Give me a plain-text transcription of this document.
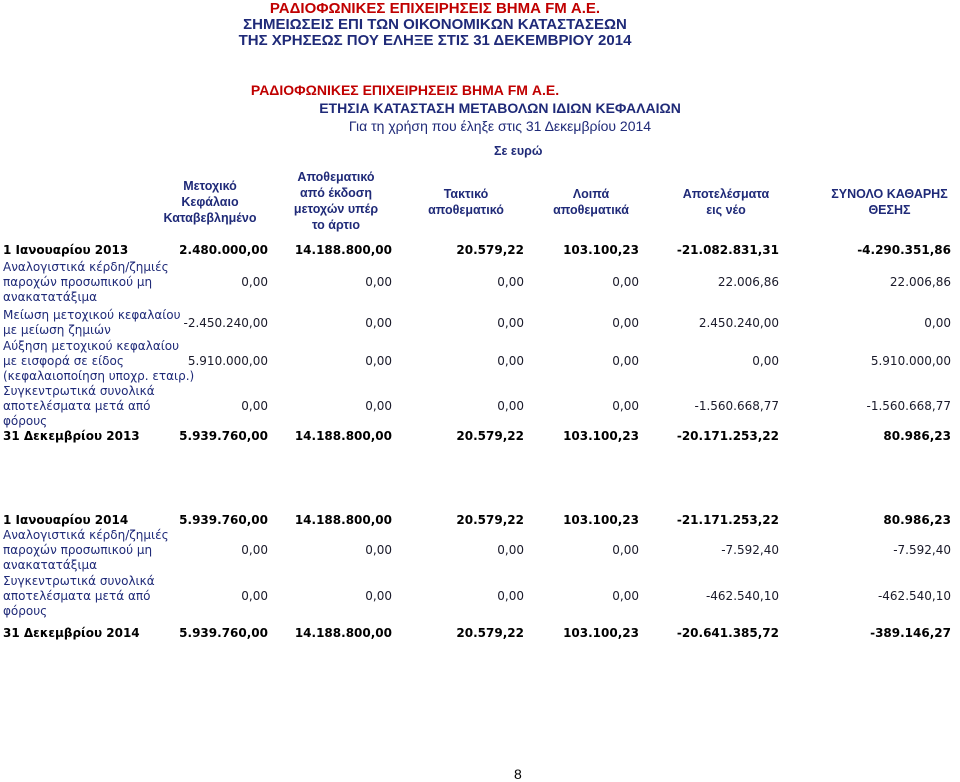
ΡΑΔΙΟΦΩΝΙΚΕΣ ΕΠΙΧΕΙΡΗΣΕΙΣ ΒΗΜΑ FM Α.Ε.
ΣΗΜΕΙΩΣΕΙΣ ΕΠΙ ΤΩΝ ΟΙΚΟΝΟΜΙΚΩΝ ΚΑΤΑΣΤΑΣΕΩΝ
ΤΗΣ ΧΡΗΣΕΩΣ ΠΟΥ ΕΛΗΞΕ ΣΤΙΣ 31 ΔΕΚΕΜΒΡΙΟΥ 2014
ΡΑΔΙΟΦΩΝΙΚΕΣ ΕΠΙΧΕΙΡΗΣΕΙΣ ΒΗΜΑ FM Α.Ε.
ΕΤΗΣΙΑ ΚΑΤΑΣΤΑΣΗ ΜΕΤΑΒΟΛΩΝ ΙΔΙΩΝ ΚΕΦΑΛΑΙΩΝ
Για τη χρήση που έληξε στις 31 Δεκεμβρίου 2014
Σε ευρώ
Μετοχικό
Κεφάλαιο
Καταβεβλημένο
Αποθεματικό
από έκδοση
μετοχών υπέρ
το άρτιο
Τακτικό
αποθεματικό
Λοιπά
αποθεματικά
Αποτελέσματα
εις νέο
ΣΥΝΟΛΟ ΚΑΘΑΡΗΣ
ΘΕΣΗΣ
1 Ιανουαρίου 2013	2.480.000,00	14.188.800,00	20.579,22	103.100,23	-21.082.831,31	-4.290.351,86
Αναλογιστικά κέρδη/ζημιές
παροχών προσωπικού μη
ανακατατάξιμα
0,00	0,00	0,00	0,00	22.006,86	22.006,86
Μείωση μετοχικού κεφαλαίου
με μείωση ζημιών	-2.450.240,00	0,00	0,00	0,00	2.450.240,00	0,00
Αύξηση μετοχικού κεφαλαίου
με εισφορά σε είδος
(κεφαλαιοποίηση υποχρ. εταιρ.)
5.910.000,00	0,00	0,00	0,00	0,00	5.910.000,00
Συγκεντρωτικά συνολικά
αποτελέσματα μετά από
φόρους
0,00	0,00	0,00	0,00	-1.560.668,77	-1.560.668,77
31 Δεκεμβρίου 2013	5.939.760,00	14.188.800,00	20.579,22	103.100,23	-20.171.253,22	80.986,23
1 Ιανουαρίου 2014	5.939.760,00	14.188.800,00	20.579,22	103.100,23	-21.171.253,22	80.986,23
Αναλογιστικά κέρδη/ζημιές
παροχών προσωπικού μη
ανακατατάξιμα
0,00	0,00	0,00	0,00	-7.592,40	-7.592,40
Συγκεντρωτικά συνολικά
αποτελέσματα μετά από
φόρους
0,00	0,00	0,00	0,00	-462.540,10	-462.540,10
31 Δεκεμβρίου 2014	5.939.760,00	14.188.800,00	20.579,22	103.100,23	-20.641.385,72	-389.146,27
8
